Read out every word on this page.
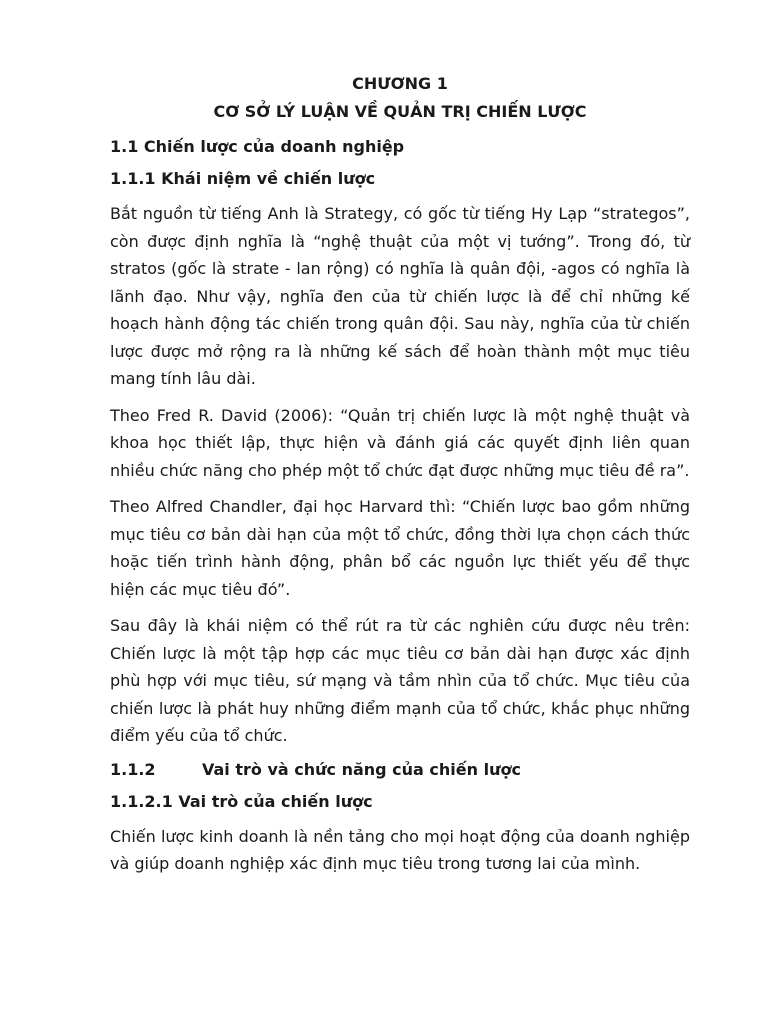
CHƯƠNG 1
CƠ SỞ LÝ LUẬN VỀ QUẢN TRỊ CHIẾN LƯỢC
1.1 Chiến lược của doanh nghiệp
1.1.1 Khái niệm về chiến lược

Bắt nguồn từ tiếng Anh là Strategy, có gốc từ tiếng Hy Lạp “strategos”, còn được định nghĩa là “nghệ thuật của một vị tướng”. Trong đó, từ stratos (gốc là strate - lan rộng) có nghĩa là quân đội, -agos có nghĩa là lãnh đạo. Như vậy, nghĩa đen của từ chiến lược là để chỉ những kế hoạch hành động tác chiến trong quân đội. Sau này, nghĩa của từ chiến lược được mở rộng ra là những kế sách để hoàn thành một mục tiêu mang tính lâu dài.

Theo Fred R. David (2006): “Quản trị chiến lược là một nghệ thuật và khoa học thiết lập, thực hiện và đánh giá các quyết định liên quan nhiều chức năng cho phép một tổ chức đạt được những mục tiêu đề ra”.

Theo Alfred Chandler, đại học Harvard thì: “Chiến lược bao gồm những mục tiêu cơ bản dài hạn của một tổ chức, đồng thời lựa chọn cách thức hoặc tiến trình hành động, phân bổ các nguồn lực thiết yếu để thực hiện các mục tiêu đó”.

Sau đây là khái niệm có thể rút ra từ các nghiên cứu được nêu trên: Chiến lược là một tập hợp các mục tiêu cơ bản dài hạn được xác định phù hợp với mục tiêu, sứ mạng và tầm nhìn của tổ chức. Mục tiêu của chiến lược là phát huy những điểm mạnh của tổ chức, khắc phục những điểm yếu của tổ chức.

1.1.2	Vai trò và chức năng của chiến lược
1.1.2.1 Vai trò của chiến lược

Chiến lược kinh doanh là nền tảng cho mọi hoạt động của doanh nghiệp và giúp doanh nghiệp xác định mục tiêu trong tương lai của mình.
